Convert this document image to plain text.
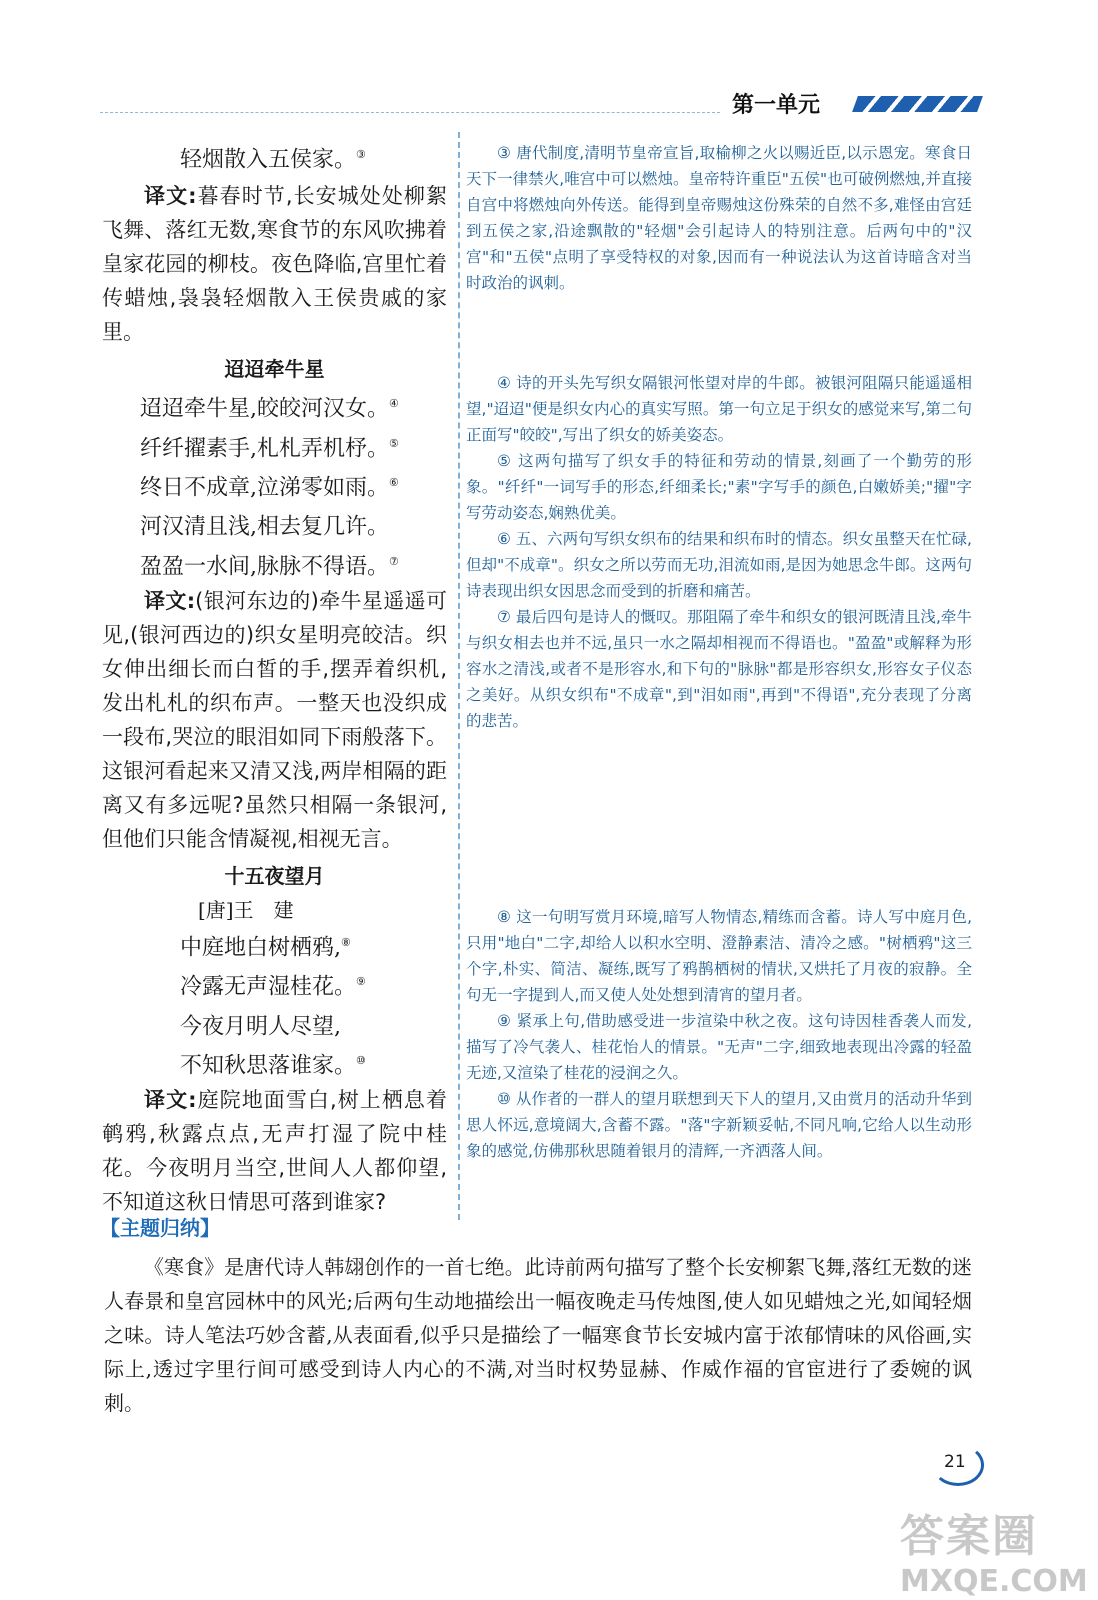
第一单元
轻烟散入五侯家。③
译文:暮春时节,长安城处处柳絮飞舞、落红无数,寒食节的东风吹拂着皇家花园的柳枝。夜色降临,宫里忙着传蜡烛,袅袅轻烟散入王侯贵戚的家里。
迢迢牵牛星
迢迢牵牛星,皎皎河汉女。④
纤纤擢素手,札札弄机杼。⑤
终日不成章,泣涕零如雨。⑥
河汉清且浅,相去复几许。
盈盈一水间,脉脉不得语。⑦
译文:(银河东边的)牵牛星遥遥可见,(银河西边的)织女星明亮皎洁。织女伸出细长而白皙的手,摆弄着织机,发出札札的织布声。一整天也没织成一段布,哭泣的眼泪如同下雨般落下。这银河看起来又清又浅,两岸相隔的距离又有多远呢?虽然只相隔一条银河,但他们只能含情凝视,相视无言。
十五夜望月
[唐]王　建
中庭地白树栖鸦,⑧
冷露无声湿桂花。⑨
今夜月明人尽望,
不知秋思落谁家。⑩
译文:庭院地面雪白,树上栖息着鹌鸦,秋露点点,无声打湿了院中桂花。今夜明月当空,世间人人都仰望,不知道这秋日情思可落到谁家?

③ 唐代制度,清明节皇帝宣旨,取榆柳之火以赐近臣,以示恩宠。寒食日天下一律禁火,唯宫中可以燃烛。皇帝特许重臣"五侯"也可破例燃烛,并直接自宫中将燃烛向外传送。能得到皇帝赐烛这份殊荣的自然不多,难怪由宫廷到五侯之家,沿途飘散的"轻烟"会引起诗人的特别注意。后两句中的"汉宫"和"五侯"点明了享受特权的对象,因而有一种说法认为这首诗暗含对当时政治的讽刺。

④ 诗的开头先写织女隔银河怅望对岸的牛郎。被银河阻隔只能遥遥相望,"迢迢"便是织女内心的真实写照。第一句立足于织女的感觉来写,第二句正面写"皎皎",写出了织女的娇美姿态。

⑤ 这两句描写了织女手的特征和劳动的情景,刻画了一个勤劳的形象。"纤纤"一词写手的形态,纤细柔长;"素"字写手的颜色,白嫩娇美;"擢"字写劳动姿态,娴熟优美。

⑥ 五、六两句写织女织布的结果和织布时的情态。织女虽整天在忙碌,但却"不成章"。织女之所以劳而无功,泪流如雨,是因为她思念牛郎。这两句诗表现出织女因思念而受到的折磨和痛苦。

⑦ 最后四句是诗人的慨叹。那阻隔了牵牛和织女的银河既清且浅,牵牛与织女相去也并不远,虽只一水之隔却相视而不得语也。"盈盈"或解释为形容水之清浅,或者不是形容水,和下句的"脉脉"都是形容织女,形容女子仪态之美好。从织女织布"不成章",到"泪如雨",再到"不得语",充分表现了分离的悲苦。

⑧ 这一句明写赏月环境,暗写人物情态,精练而含蓄。诗人写中庭月色,只用"地白"二字,却给人以积水空明、澄静素洁、清冷之感。"树栖鸦"这三个字,朴实、简洁、凝练,既写了鸦鹊栖树的情状,又烘托了月夜的寂静。全句无一字提到人,而又使人处处想到清宵的望月者。

⑨ 紧承上句,借助感受进一步渲染中秋之夜。这句诗因桂香袭人而发,描写了冷气袭人、桂花怡人的情景。"无声"二字,细致地表现出冷露的轻盈无迹,又渲染了桂花的浸润之久。

⑩ 从作者的一群人的望月联想到天下人的望月,又由赏月的活动升华到思人怀远,意境阔大,含蓄不露。"落"字新颖妥帖,不同凡响,它给人以生动形象的感觉,仿佛那秋思随着银月的清辉,一齐洒落人间。

【主题归纳】
《寒食》是唐代诗人韩翃创作的一首七绝。此诗前两句描写了整个长安柳絮飞舞,落红无数的迷人春景和皇宫园林中的风光;后两句生动地描绘出一幅夜晚走马传烛图,使人如见蜡烛之光,如闻轻烟之味。诗人笔法巧妙含蓄,从表面看,似乎只是描绘了一幅寒食节长安城内富于浓郁情味的风俗画,实际上,透过字里行间可感受到诗人内心的不满,对当时权势显赫、作威作福的官宦进行了委婉的讽刺。
21
答案圈
MXQE.COM
